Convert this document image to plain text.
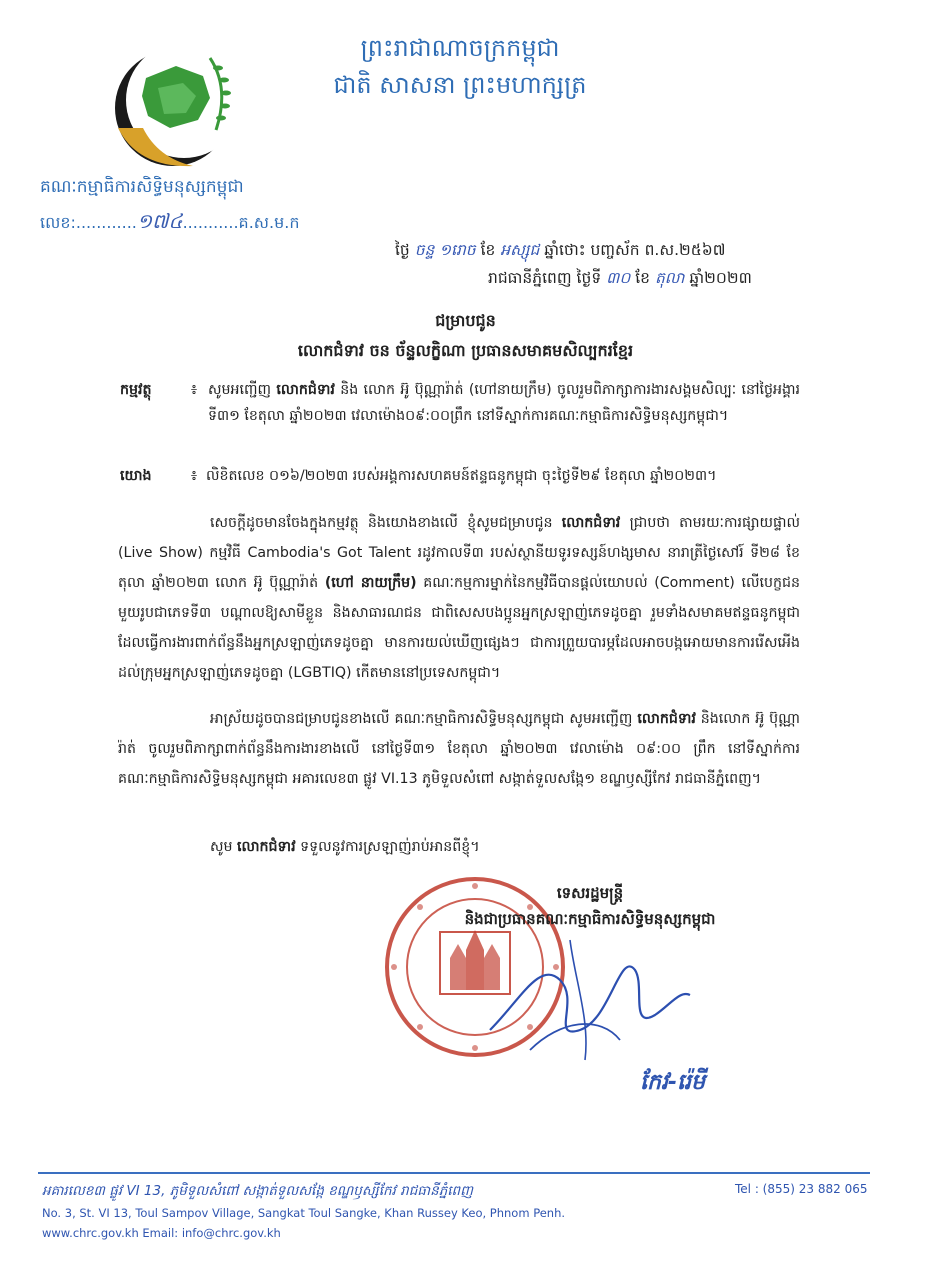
ព្រះរាជាណាចក្រកម្ពុជា
ជាតិ សាសនា ព្រះមហាក្សត្រ
គណៈកម្មាធិការសិទ្ធិមនុស្សកម្ពុជា
លេខ:............១៧៤...........គ.ស.ម.ក
ថ្ងៃ ចន្ទ ១រោច ខែ អស្សុជ ឆ្នាំថោះ បញ្ចស័ក ព.ស.២៥៦៧
រាជធានីភ្នំពេញ ថ្ងៃទី ៣០ ខែ តុលា ឆ្នាំ២០២៣
ជម្រាបជូន
លោកជំទាវ ចន ច័ន្ទលក្ខិណា ប្រធានសមាគមសិល្បករខ្មែរ
កម្មវត្ថុ	៖ សូមអញ្ជើញ លោកជំទាវ និង លោក អ៊ូ ប៊ុណ្ណារ៉ាត់ (ហៅនាយក្រឹម) ចូលរួមពិភាក្សាការងារសង្គមសិល្បៈ នៅថ្ងៃអង្គារ ទី៣១ ខែតុលា ឆ្នាំ២០២៣ វេលាម៉ោង០៩:០០ព្រឹក នៅទីស្នាក់ការគណៈកម្មាធិការសិទ្ធិមនុស្សកម្ពុជា។
យោង	៖ លិខិតលេខ ០១៦/២០២៣ របស់អង្គការសហគមន៍ឥន្ទធនូកម្ពុជា ចុះថ្ងៃទី២៩ ខែតុលា ឆ្នាំ២០២៣។
សេចក្ដីដូចមានចែងក្នុងកម្មវត្ថុ និងយោងខាងលើ ខ្ញុំសូមជម្រាបជូន លោកជំទាវ ជ្រាបថា តាមរយៈការផ្សាយផ្ទាល់ (Live Show) កម្មវិធី Cambodia's Got Talent រដូវកាលទី៣ របស់ស្ថានីយទូរទស្សន៍ហង្សមាស នារាត្រីថ្ងៃសៅរ៍ ទី២៨ ខែតុលា ឆ្នាំ២០២៣ លោក អ៊ូ ប៊ុណ្ណារ៉ាត់ (ហៅ នាយក្រឹម) គណៈកម្មការម្នាក់នៃកម្មវិធីបានផ្ដល់យោបល់ (Comment) លើបេក្ខជនមួយរូបជាភេទទី៣ បណ្ដាលឱ្យសាមីខ្លួន និងសាធារណជន ជាពិសេសបងប្អូនអ្នកស្រឡាញ់ភេទដូចគ្នា រួមទាំងសមាគមឥន្ទធនូកម្ពុជា ដែលធ្វើការងារពាក់ព័ន្ធនឹងអ្នកស្រឡាញ់ភេទដូចគ្នា មានការយល់ឃើញផ្សេងៗ ជាការព្រួយបារម្ភដែលអាចបង្កអោយមានការរើសអើងដល់ក្រុមអ្នកស្រឡាញ់ភេទដូចគ្នា (LGBTIQ) កើតមាននៅប្រទេសកម្ពុជា។
អាស្រ័យដូចបានជម្រាបជូនខាងលើ គណៈកម្មាធិការសិទ្ធិមនុស្សកម្ពុជា សូមអញ្ជើញ លោកជំទាវ និងលោក អ៊ូ ប៊ុណ្ណារ៉ាត់ ចូលរួមពិភាក្សាពាក់ព័ន្ធនឹងការងារខាងលើ នៅថ្ងៃទី៣១ ខែតុលា ឆ្នាំ២០២៣ វេលាម៉ោង ០៩:០០ ព្រឹក នៅទីស្នាក់ការគណៈកម្មាធិការសិទ្ធិមនុស្សកម្ពុជា អគារលេខ៣ ផ្លូវ VI.13 ភូមិទួលសំពៅ សង្កាត់ទួលសង្កែ១ ខណ្ឌឫស្សីកែវ រាជធានីភ្នំពេញ។
សូម លោកជំទាវ ទទួលនូវការស្រឡាញ់រាប់អានពីខ្ញុំ។
ទេសរដ្ឋមន្ត្រី
និងជាប្រធានគណៈកម្មាធិការសិទ្ធិមនុស្សកម្ពុជា
កែវ-រ៉េមី
អគារលេខ៣ ផ្លូវ VI 13, ភូមិទួលសំពៅ សង្កាត់ទួលសង្កែ ខណ្ឌឫស្សីកែវ រាជធានីភ្នំពេញ
No. 3, St. VI 13, Toul Sampov Village, Sangkat Toul Sangke, Khan Russey Keo, Phnom Penh.
www.chrc.gov.kh Email: info@chrc.gov.kh
Tel : (855) 23 882 065
